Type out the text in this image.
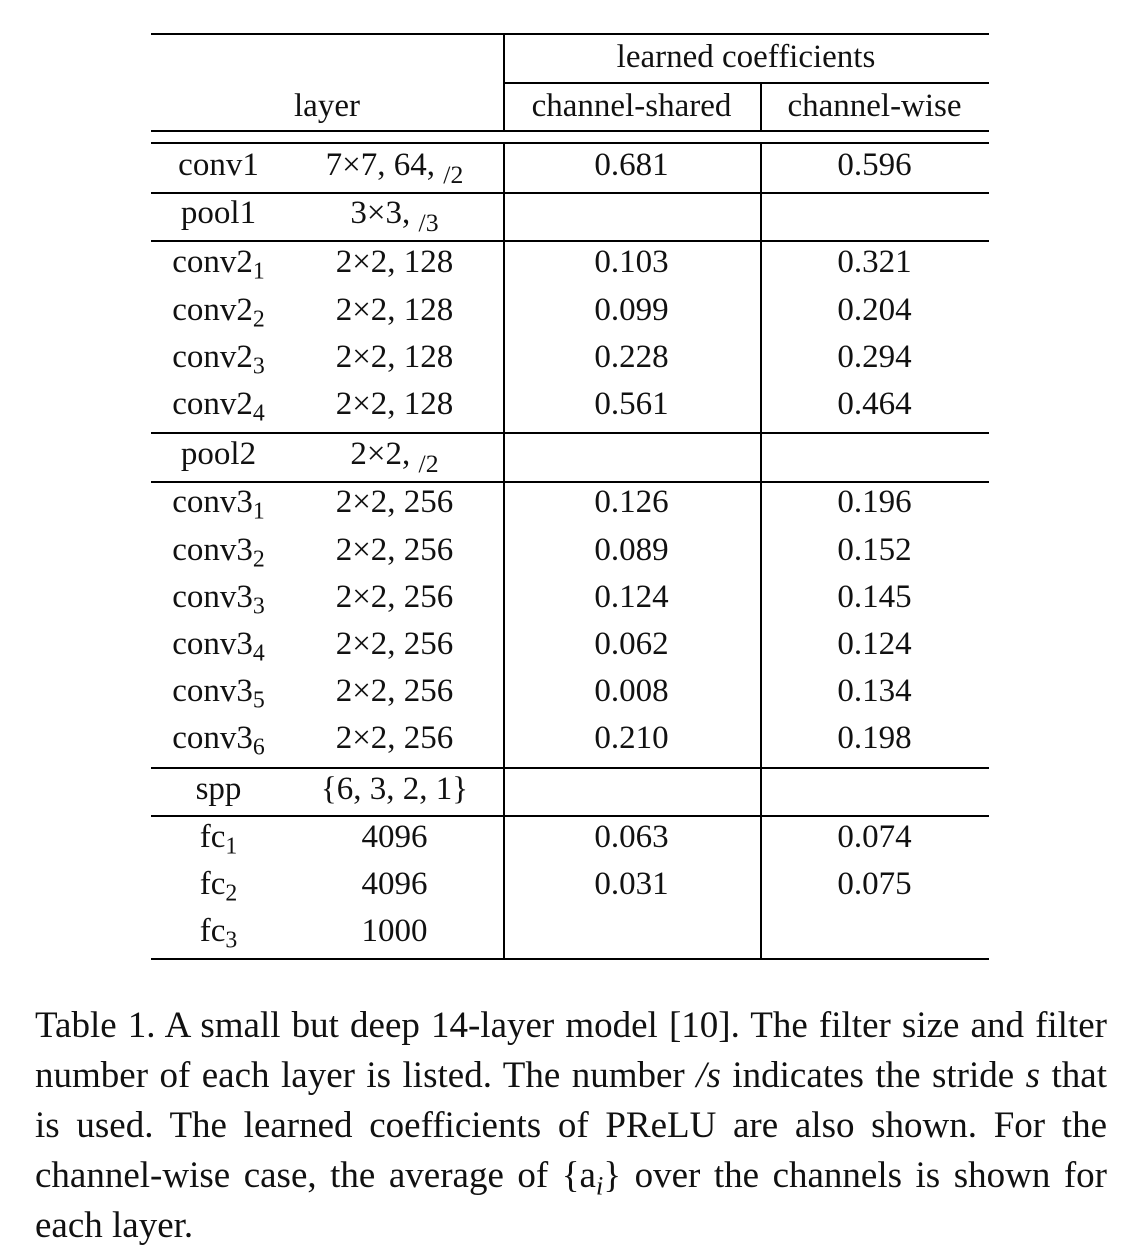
learned coefficients
layer	channel-shared	channel-wise
conv1	7×7, 64, $_{/2}$	0.681	0.596
pool1	3×3, $_{/3}$
$conv2_1$	2×2, 128	0.103	0.321
$conv2_2$	2×2, 128	0.099	0.204
$conv2_3$	2×2, 128	0.228	0.294
$conv2_4$	2×2, 128	0.561	0.464
pool2	2×2, $_{/2}$
$conv3_1$	2×2, 256	0.126	0.196
$conv3_2$	2×2, 256	0.089	0.152
$conv3_3$	2×2, 256	0.124	0.145
$conv3_4$	2×2, 256	0.062	0.124
$conv3_5$	2×2, 256	0.008	0.134
$conv3_6$	2×2, 256	0.210	0.198
spp	{6, 3, 2, 1}
$fc_1$	4096	0.063	0.074
$fc_2$	4096	0.031	0.075
$fc_3$	1000
Table 1. A small but deep 14-layer model [10]. The filter size and filter number of each layer is listed. The number /s indicates the stride s that is used. The learned coefficients of PReLU are also shown. For the channel-wise case, the average of $\{a_i\}$ over the channels is shown for each layer.
